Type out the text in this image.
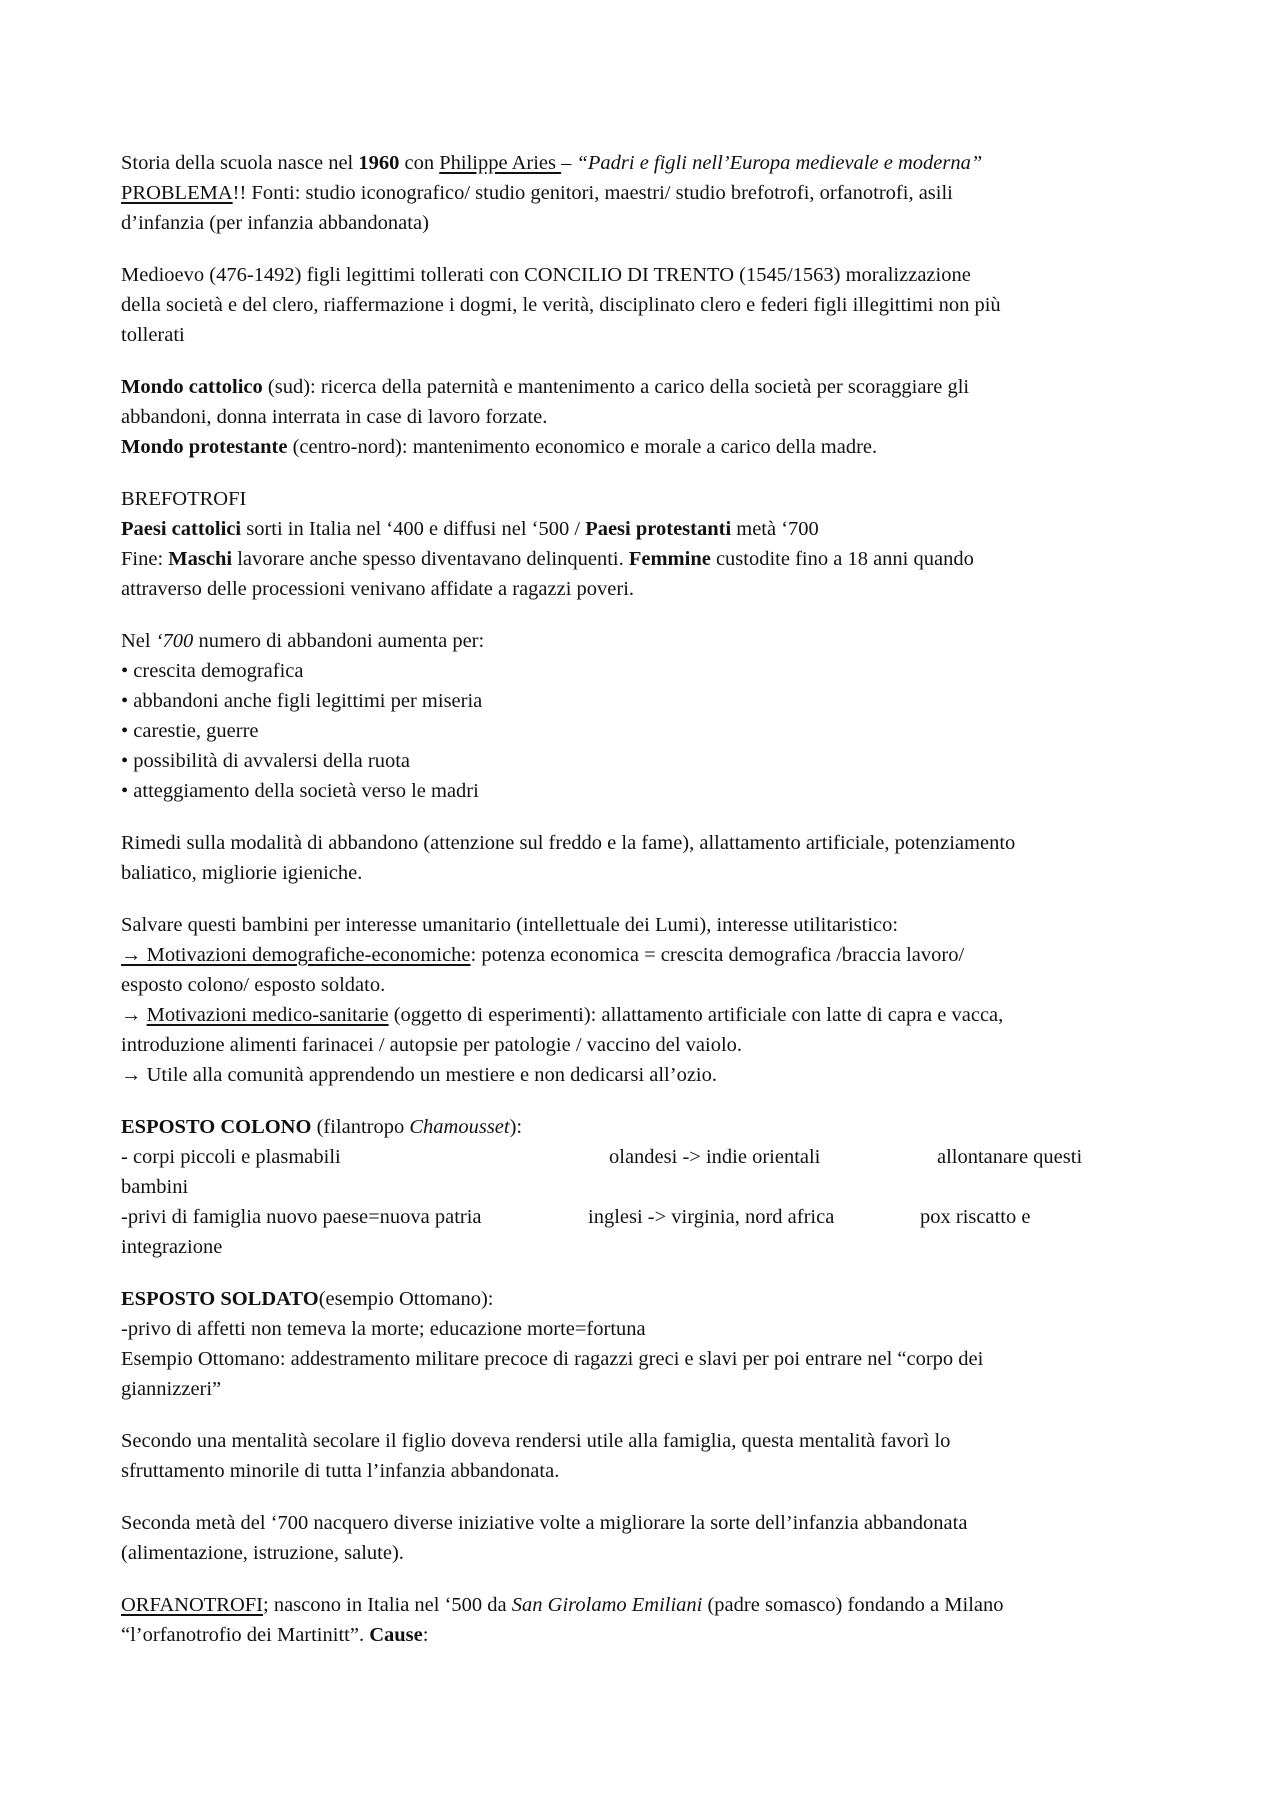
Storia della scuola nasce nel 1960 con Philippe Aries – “Padri e figli nell’Europa medievale e moderna”

PROBLEMA!! Fonti: studio iconografico/ studio genitori, maestri/ studio brefotrofi, orfanotrofi, asili

d’infanzia (per infanzia abbandonata)

Medioevo (476-1492) figli legittimi tollerati con CONCILIO DI TRENTO (1545/1563) moralizzazione

della società e del clero, riaffermazione i dogmi, le verità, disciplinato clero e federi figli illegittimi non più

tollerati

Mondo cattolico (sud): ricerca della paternità e mantenimento a carico della società per scoraggiare gli

abbandoni, donna interrata in case di lavoro forzate.

Mondo protestante (centro-nord): mantenimento economico e morale a carico della madre.

BREFOTROFI

Paesi cattolici sorti in Italia nel ‘400 e diffusi nel ‘500 / Paesi protestanti metà ‘700

Fine: Maschi lavorare anche spesso diventavano delinquenti. Femmine custodite fino a 18 anni quando

attraverso delle processioni venivano affidate a ragazzi poveri.

Nel ‘700 numero di abbandoni aumenta per:

• crescita demografica

• abbandoni anche figli legittimi per miseria

• carestie, guerre

• possibilità di avvalersi della ruota

• atteggiamento della società verso le madri

Rimedi sulla modalità di abbandono (attenzione sul freddo e la fame), allattamento artificiale, potenziamento

baliatico, migliorie igieniche.

Salvare questi bambini per interesse umanitario (intellettuale dei Lumi), interesse utilitaristico:

→ Motivazioni demografiche-economiche: potenza economica = crescita demografica /braccia lavoro/

esposto colono/ esposto soldato.

→ Motivazioni medico-sanitarie (oggetto di esperimenti): allattamento artificiale con latte di capra e vacca,

introduzione alimenti farinacei / autopsie per patologie / vaccino del vaiolo.

→ Utile alla comunità apprendendo un mestiere e non dedicarsi all’ozio.

ESPOSTO COLONO (filantropo Chamousset):

- corpi piccoli e plasmabili	olandesi -> indie orientali	allontanare questi

bambini

-privi di famiglia nuovo paese=nuova patria	inglesi -> virginia, nord africa	pox riscatto e

integrazione

ESPOSTO SOLDATO(esempio Ottomano):

-privo di affetti non temeva la morte; educazione morte=fortuna

Esempio Ottomano: addestramento militare precoce di ragazzi greci e slavi per poi entrare nel “corpo dei

giannizzeri”

Secondo una mentalità secolare il figlio doveva rendersi utile alla famiglia, questa mentalità favorì lo

sfruttamento minorile di tutta l’infanzia abbandonata.

Seconda metà del ‘700 nacquero diverse iniziative volte a migliorare la sorte dell’infanzia abbandonata

(alimentazione, istruzione, salute).

ORFANOTROFI; nascono in Italia nel ‘500 da San Girolamo Emiliani (padre somasco) fondando a Milano

“l’orfanotrofio dei Martinitt”. Cause:
